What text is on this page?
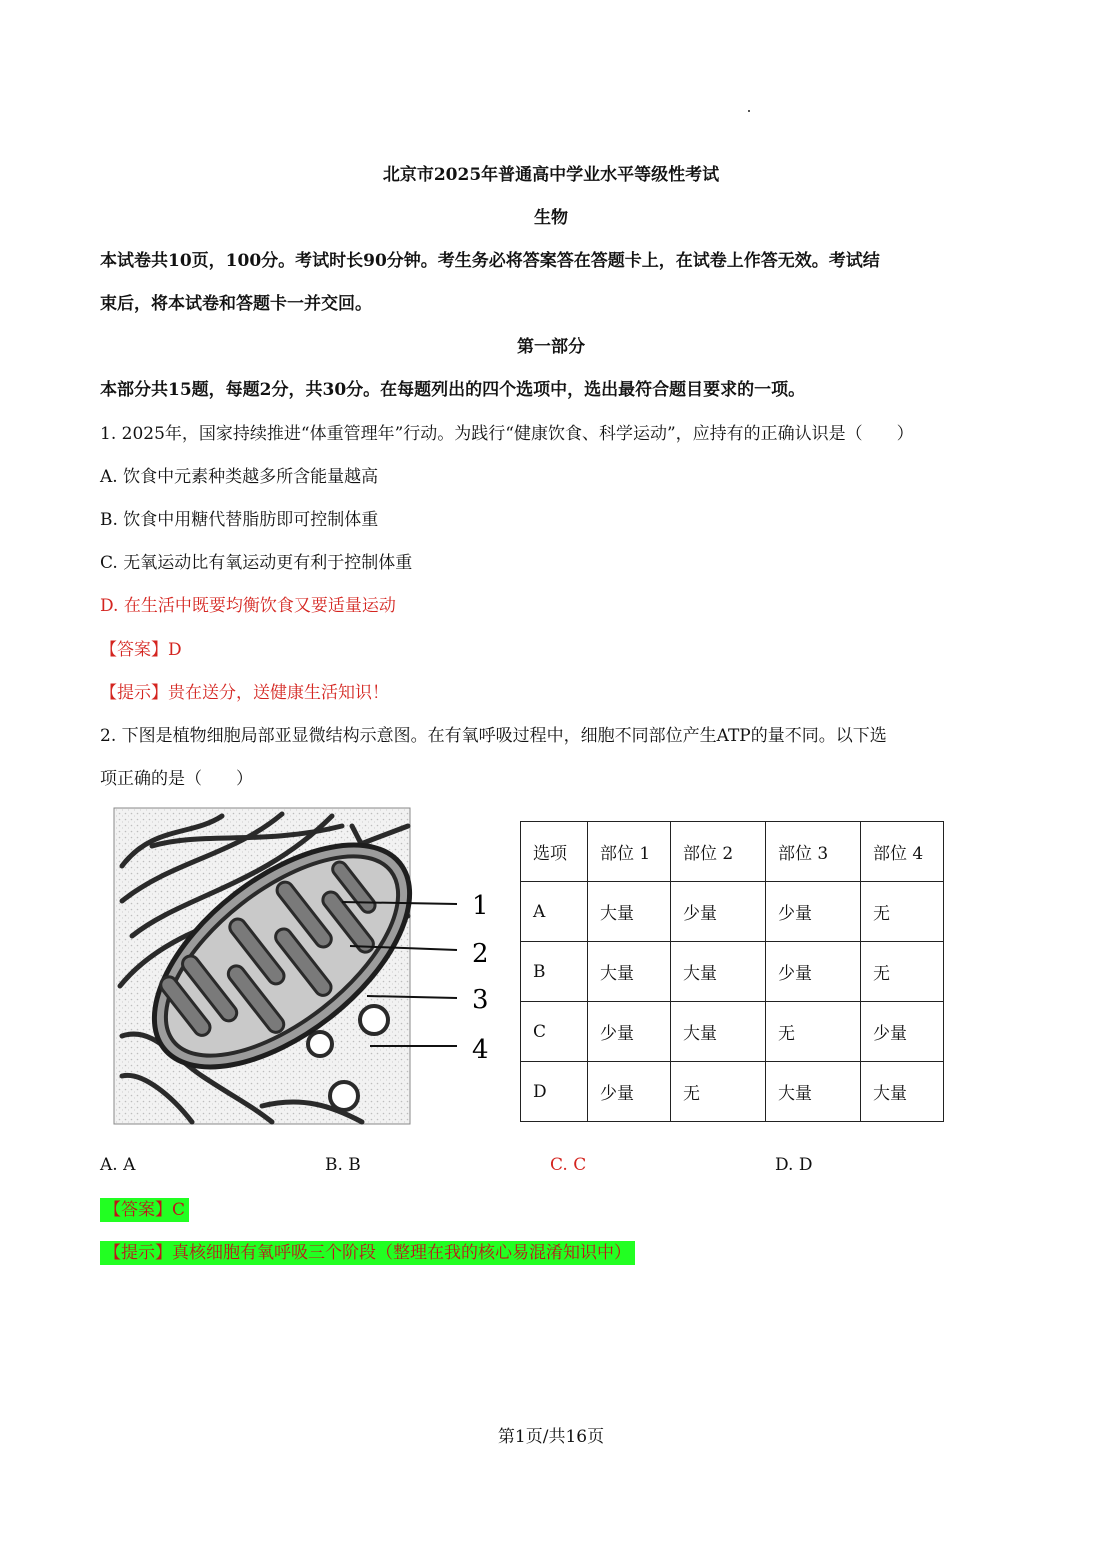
北京市2025年普通高中学业水平等级性考试
生物
本试卷共10页，100分。考试时长90分钟。考生务必将答案答在答题卡上，在试卷上作答无效。考试结
束后，将本试卷和答题卡一并交回。
第一部分
本部分共15题，每题2分，共30分。在每题列出的四个选项中，选出最符合题目要求的一项。
1. 2025年，国家持续推进“体重管理年”行动。为践行“健康饮食、科学运动”，应持有的正确认识是（　　）
A. 饮食中元素种类越多所含能量越高
B. 饮食中用糖代替脂肪即可控制体重
C. 无氧运动比有氧运动更有利于控制体重
D. 在生活中既要均衡饮食又要适量运动
【答案】D
【提示】贵在送分，送健康生活知识！
2. 下图是植物细胞局部亚显微结构示意图。在有氧呼吸过程中，细胞不同部位产生ATP的量不同。以下选
项正确的是（　　）
1
2
3
4
选项	部位 1	部位 2	部位 3	部位 4
A	大量	少量	少量	无
B	大量	大量	少量	无
C	少量	大量	无	少量
D	少量	无	大量	大量
A. A	B. B	C. C	D. D
【答案】C
【提示】真核细胞有氧呼吸三个阶段（整理在我的核心易混淆知识中）
第1页/共16页
